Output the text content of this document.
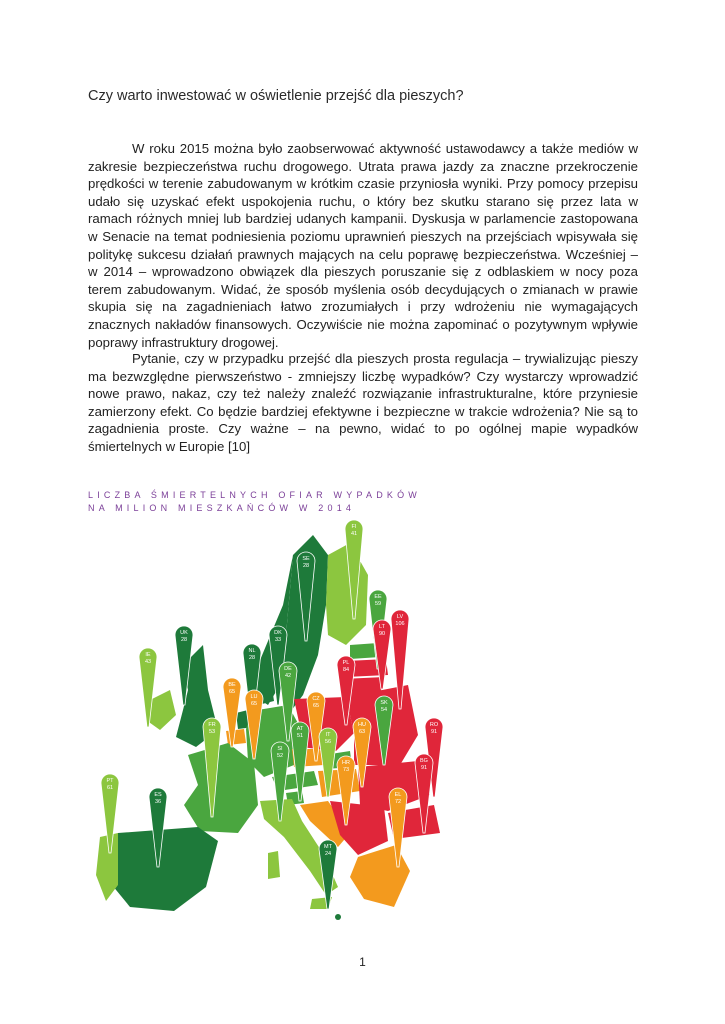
Czy warto inwestować w oświetlenie przejść dla pieszych?

W roku 2015 można było zaobserwować aktywność ustawodawcy a także mediów w zakresie bezpieczeństwa ruchu drogowego. Utrata prawa jazdy za znaczne przekroczenie prędkości w terenie zabudowanym w krótkim czasie przyniosła wyniki. Przy pomocy przepisu udało się uzyskać efekt uspokojenia ruchu, o który bez skutku starano się przez lata w ramach różnych mniej lub bardziej udanych kampanii. Dyskusja w parlamencie zastopowana w Senacie na temat podniesienia poziomu uprawnień pieszych na przejściach wpisywała się politykę sukcesu działań prawnych mających na celu poprawę bezpieczeństwa. Wcześniej – w 2014 – wprowadzono obwiązek dla pieszych poruszanie się z odblaskiem w nocy poza terem zabudowanym. Widać, że sposób myślenia osób decydujących o zmianach w prawie skupia się na zagadnieniach łatwo zrozumiałych i przy wdrożeniu nie wymagających znacznych nakładów finansowych. Oczywiście nie można zapominać o pozytywnym wpływie poprawy infrastruktury drogowej.

Pytanie, czy w przypadku przejść dla pieszych prosta regulacja – trywializując pieszy ma bezwzględne pierwszeństwo - zmniejszy liczbę wypadków? Czy wystarczy wprowadzić nowe prawo, nakaz, czy też należy znaleźć rozwiązanie infrastrukturalne, które przyniesie zamierzony efekt. Co będzie bardziej efektywne i bezpieczne w trakcie wdrożenia? Nie są to zagadnienia proste. Czy ważne – na pewno, widać to po ogólnej mapie wypadków śmiertelnych w Europie [10]

LICZBA ŚMIERTELNYCH OFIAR WYPADKÓW
NA MILION MIESZKAŃCÓW W 2014
FI
41
SE
28
EE
59
LV
106
LT
90
UK
28
IE
43
DK
33
NL
28
DE
42
PL
84
BE
65
LU
65
CZ
65	SK
54
FR
53	AT
51
SI
52
HU
63
RO
91
HR
73
BG
91
IT
56
PT
61
ES
36
EL
72
MT
24
1
